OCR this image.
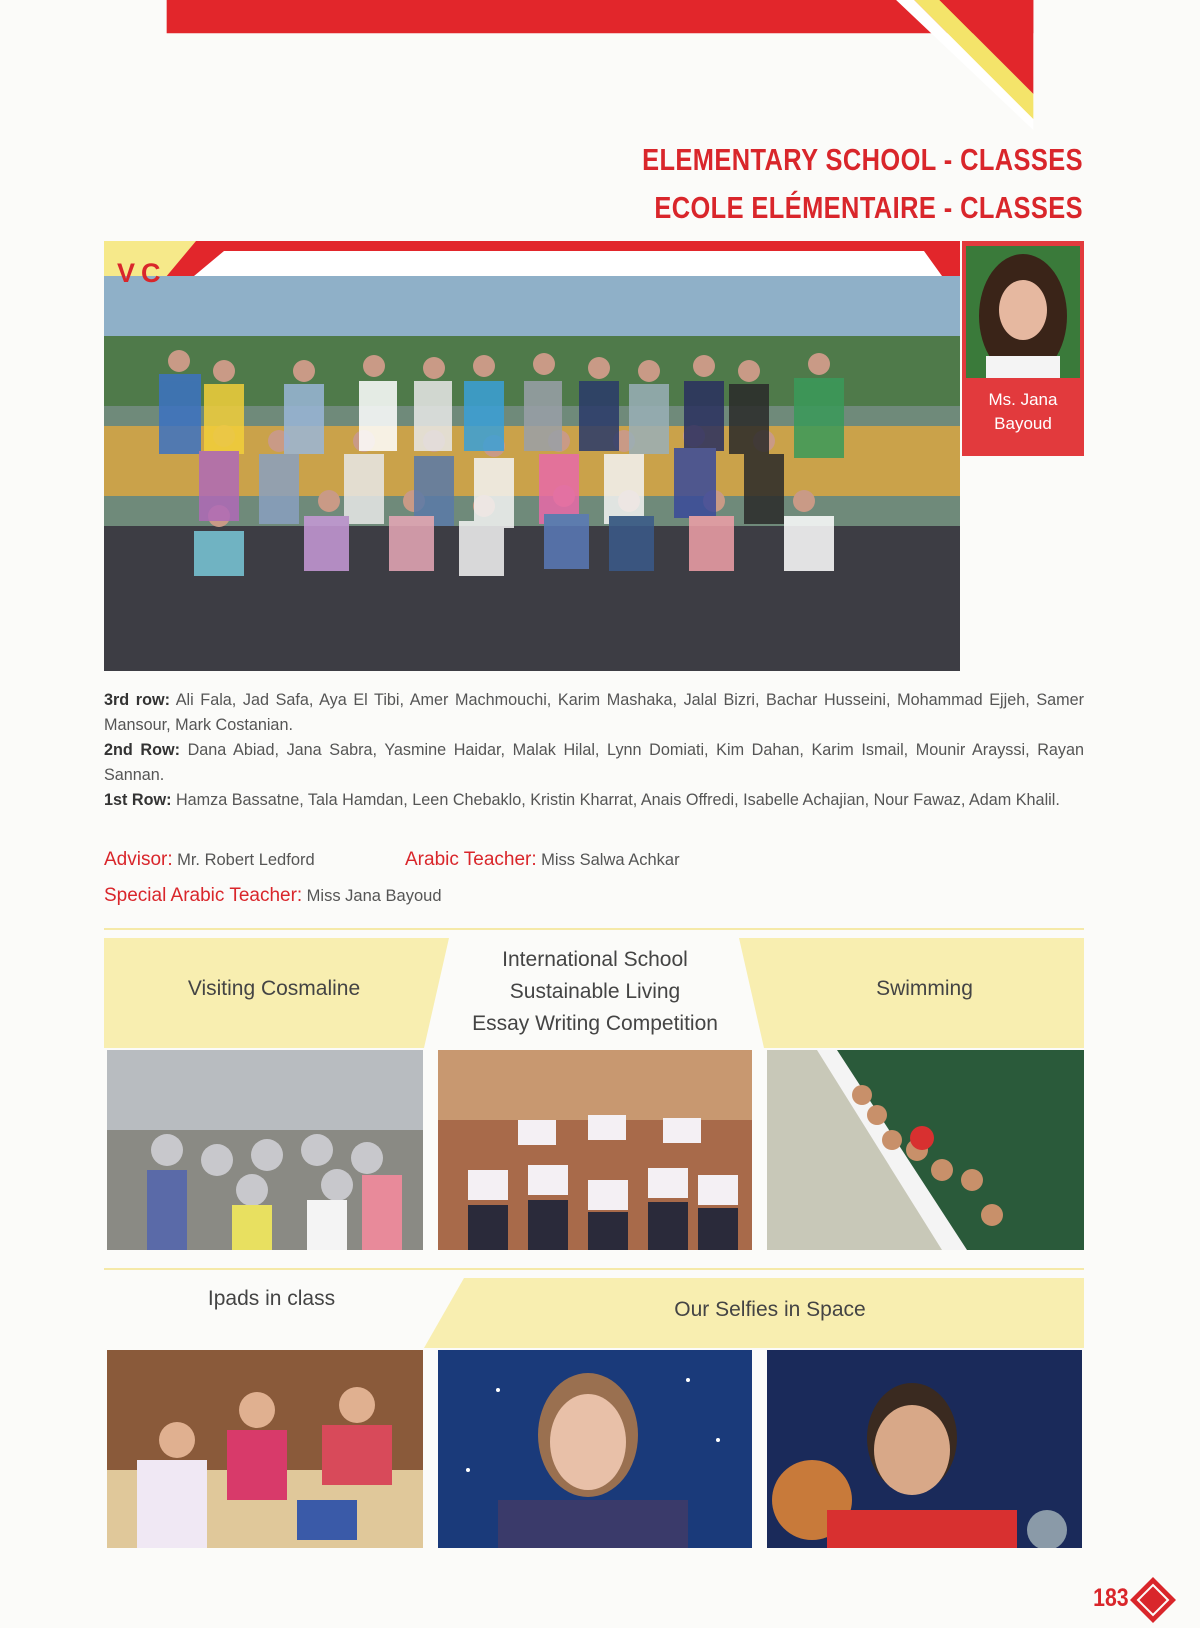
ELEMENTARY SCHOOL - CLASSES
ECOLE ELÉMENTAIRE - CLASSES
VC
Ms. Jana
Bayoud
3rd row: Ali Fala, Jad Safa, Aya El Tibi, Amer Machmouchi, Karim Mashaka, Jalal Bizri, Bachar Husseini, Mohammad Ejjeh, Samer Mansour, Mark Costanian.
2nd Row: Dana Abiad, Jana Sabra, Yasmine Haidar, Malak Hilal, Lynn Domiati, Kim Dahan, Karim Ismail, Mounir Arayssi, Rayan Sannan.
1st Row: Hamza Bassatne, Tala Hamdan, Leen Chebaklo, Kristin Kharrat, Anais Offredi, Isabelle Achajian, Nour Fawaz, Adam Khalil.
Advisor: Mr. Robert Ledford	Arabic Teacher: Miss Salwa Achkar
Special Arabic Teacher: Miss Jana Bayoud
Visiting Cosmaline
International School
Sustainable Living
Essay Writing Competition
Swimming
Ipads in class	Our Selfies in Space
183
